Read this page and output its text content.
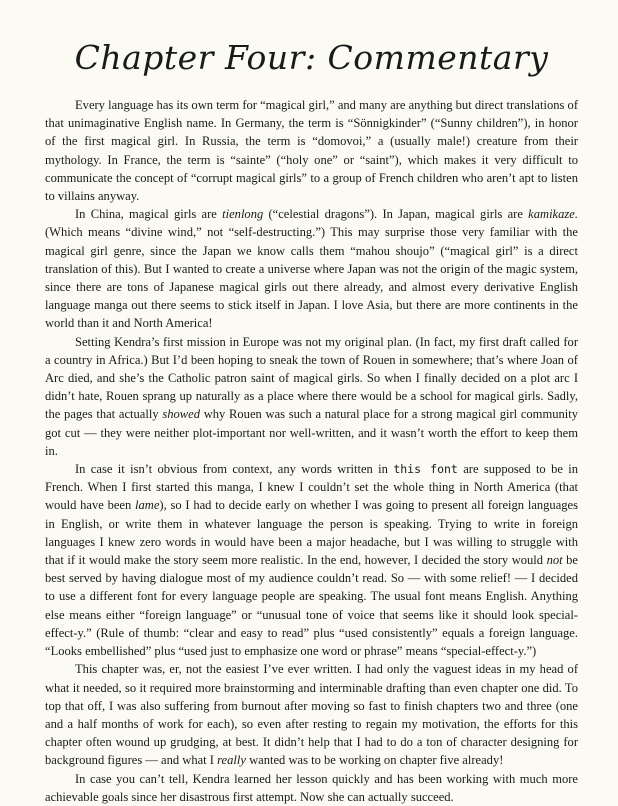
Chapter Four: Commentary

Every language has its own term for “magical girl,” and many are anything but direct translations of that unimaginative English name. In Germany, the term is “Sönnigkinder” (“Sunny children”), in honor of the first magical girl. In Russia, the term is “domovoi,” a (usually male!) creature from their mythology. In France, the term is “sainte” (“holy one” or “saint”), which makes it very difficult to communicate the concept of “corrupt magical girls” to a group of French children who aren’t apt to listen to villains anyway.

In China, magical girls are tienlong (“celestial dragons”). In Japan, magical girls are kamikaze. (Which means “divine wind,” not “self-destructing.”) This may surprise those very familiar with the magical girl genre, since the Japan we know calls them “mahou shoujo” (“magical girl” is a direct translation of this). But I wanted to create a universe where Japan was not the origin of the magic system, since there are tons of Japanese magical girls out there already, and almost every derivative English language manga out there seems to stick itself in Japan. I love Asia, but there are more continents in the world than it and North America!

Setting Kendra’s first mission in Europe was not my original plan. (In fact, my first draft called for a country in Africa.) But I’d been hoping to sneak the town of Rouen in somewhere; that’s where Joan of Arc died, and she’s the Catholic patron saint of magical girls. So when I finally decided on a plot arc I didn’t hate, Rouen sprang up naturally as a place where there would be a school for magical girls. Sadly, the pages that actually showed why Rouen was such a natural place for a strong magical girl community got cut — they were neither plot-important nor well-written, and it wasn’t worth the effort to keep them in.

In case it isn’t obvious from context, any words written in this font are supposed to be in French. When I first started this manga, I knew I couldn’t set the whole thing in North America (that would have been lame), so I had to decide early on whether I was going to present all foreign languages in English, or write them in whatever language the person is speaking. Trying to write in foreign languages I knew zero words in would have been a major headache, but I was willing to struggle with that if it would make the story seem more realistic. In the end, however, I decided the story would not be best served by having dialogue most of my audience couldn’t read. So — with some relief! — I decided to use a different font for every language people are speaking. The usual font means English. Anything else means either “foreign language” or “unusual tone of voice that seems like it should look special-effect-y.” (Rule of thumb: “clear and easy to read” plus “used consistently” equals a foreign language. “Looks embellished” plus “used just to emphasize one word or phrase” means “special-effect-y.”)

This chapter was, er, not the easiest I’ve ever written. I had only the vaguest ideas in my head of what it needed, so it required more brainstorming and interminable drafting than even chapter one did. To top that off, I was also suffering from burnout after moving so fast to finish chapters two and three (one and a half months of work for each), so even after resting to regain my motivation, the efforts for this chapter often wound up grudging, at best. It didn’t help that I had to do a ton of character designing for background figures — and what I really wanted was to be working on chapter five already!

In case you can’t tell, Kendra learned her lesson quickly and has been working with much more achievable goals since her disastrous first attempt. Now she can actually succeed.
